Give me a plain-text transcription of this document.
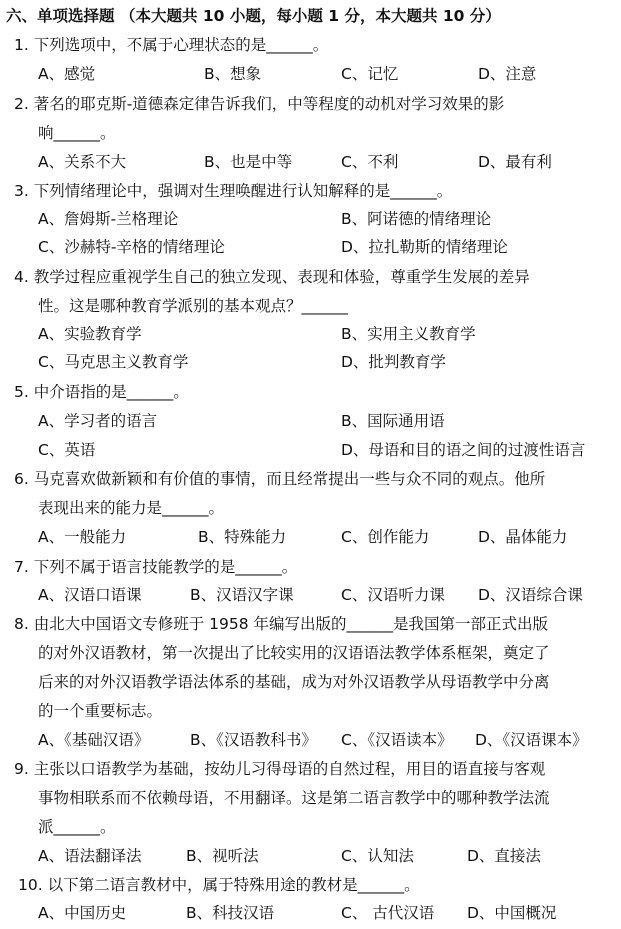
六、单项选择题 （本大题共 10 小题，每小题 1 分，本大题共 10 分）
1. 下列选项中，不属于心理状态的是______。
A、感觉	B、想象	C、记忆	D、注意
2. 著名的耶克斯-道德森定律告诉我们，中等程度的动机对学习效果的影
响______。
A、关系不大	B、也是中等	C、不利	D、最有利
3. 下列情绪理论中，强调对生理唤醒进行认知解释的是______。
A、詹姆斯-兰格理论	B、阿诺德的情绪理论
C、沙赫特-辛格的情绪理论	D、拉扎勒斯的情绪理论
4. 教学过程应重视学生自己的独立发现、表现和体验，尊重学生发展的差异
性。这是哪种教育学派别的基本观点？______
A、实验教育学	B、实用主义教育学
C、马克思主义教育学	D、批判教育学
5. 中介语指的是______。
A、学习者的语言	B、国际通用语
C、英语	D、母语和目的语之间的过渡性语言
6. 马克喜欢做新颖和有价值的事情，而且经常提出一些与众不同的观点。他所
表现出来的能力是______。
A、一般能力	B、特殊能力	C、创作能力	D、晶体能力
7. 下列不属于语言技能教学的是______。
A、汉语口语课	B、汉语汉字课	C、汉语听力课 D、汉语综合课
8. 由北大中国语文专修班于 1958 年编写出版的______是我国第一部正式出版
的对外汉语教材，第一次提出了比较实用的汉语语法教学体系框架，奠定了
后来的对外汉语教学语法体系的基础，成为对外汉语教学从母语教学中分离
的一个重要标志。
A、《基础汉语》	B、《汉语教科书》 C、《汉语读本》 D、《汉语课本》
9. 主张以口语教学为基础，按幼儿习得母语的自然过程，用目的语直接与客观
事物相联系而不依赖母语，不用翻译。这是第二语言教学中的哪种教学法流
派______。
A、语法翻译法	B、视听法	C、认知法	D、直接法
10. 以下第二语言教材中，属于特殊用途的教材是______。
A、中国历史	B、科技汉语	C、 古代汉语 D、中国概况
